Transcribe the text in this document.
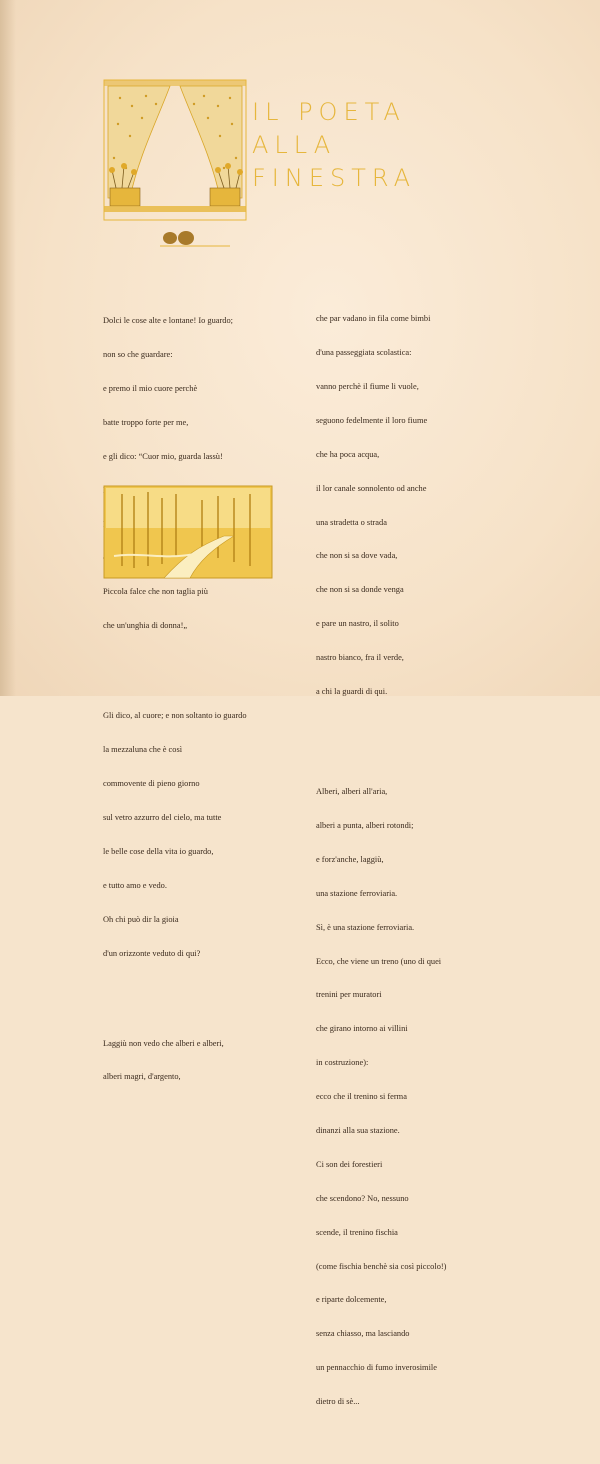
IL POETA
ALLA
FINESTRA

Dolci le cose alte e lontane! Io guardo;

non so che guardare:

e premo il mio cuore perchè

batte troppo forte per me,

e gli dico: “Cuor mio, guarda lassù!

Piccola falce che non taglia più

che un'unghia di donna!„

Gli dico, al cuore; e non soltanto io guardo

la mezzaluna che è così

commovente di pieno giorno

sul vetro azzurro del cielo, ma tutte

le belle cose della vita io guardo,

e tutto amo e vedo.

Oh chi può dir la gioia

d'un orizzonte veduto di qui?

Laggiù non vedo che alberi e alberi,

alberi magri, d'argento,

che par vadano in fila come bimbi

d'una passeggiata scolastica:

vanno perchè il fiume li vuole,

seguono fedelmente il loro fiume

che ha poca acqua,

il lor canale sonnolento od anche

una stradetta o strada

che non si sa dove vada,

che non si sa donde venga

e pare un nastro, il solito

nastro bianco, fra il verde,

a chi la guardi di qui.

Alberi, alberi all'aria,

alberi a punta, alberi rotondi;

e forz'anche, laggiù,

una stazione ferroviaria.

Sì, è una stazione ferroviaria.

Ecco, che viene un treno (uno di quei

trenini per muratori

che girano intorno ai villini

in costruzione):

ecco che il trenino si ferma

dinanzi alla sua stazione.

Ci son dei forestieri

che scendono? No, nessuno

scende, il trenino fischia

(come fischia benchè sia così piccolo!)

e riparte dolcemente,

senza chiasso, ma lasciando

un pennacchio di fumo inverosimile

dietro di sè...
